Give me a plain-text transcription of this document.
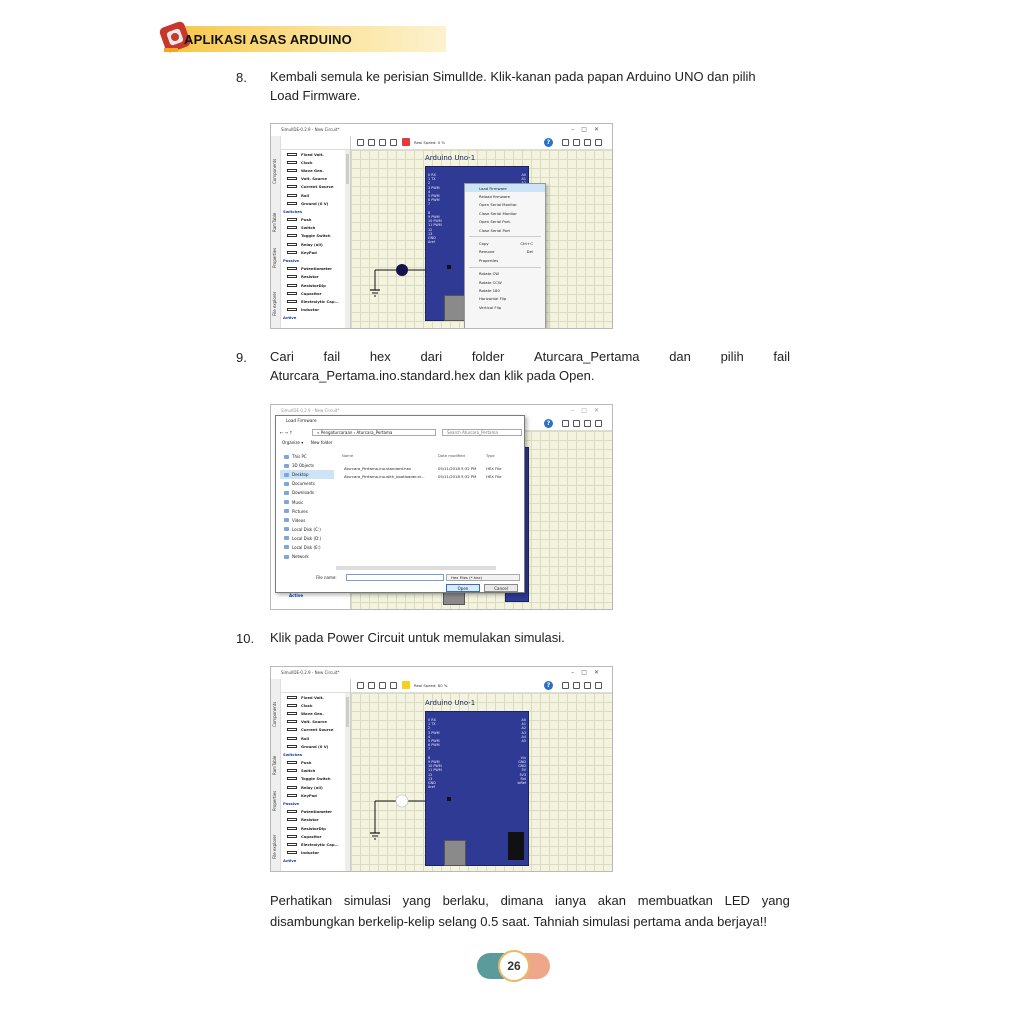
APLIKASI ASAS ARDUINO
8. Kembali semula ke perisian SimulIde. Klik-kanan pada papan Arduino UNO dan pilih
Load Firmware.
SimulIDE-0.2.9 - New Circuit*	–□✕
Components
RamTable
Properties
File explorer
Fixed Volt.
Clock
Wave Gen.
Volt. Source
Current Source
Rail
Ground (0 V)
Switches
Push
Switch
Toggle Switch
Relay (all)
KeyPad
Passive
Potentiometer
Resistor
ResistorDip
Capacitor
Electrolytic Cap...
Inductor
Active
Real Speed: 0 %	?
Arduino Uno-1
0 RX
1 TX
2
3 PWM
4
5 PWM
6 PWM
7

8
9 PWM
10 PWM
11 PWM
12
13
GND
Aref
A0
A1

Load Firmware
Reload firmware
Open Serial Monitor.
Close Serial Monitor
Open Serial Port.
Close Serial Port
Copy	Ctrl+C
Remove	Del
Properties
Rotate CW
Rotate CCW
Rotate 180
Horizontal Flip
Vertical Flip
9. Cari fail hex dari folder Aturcara_Pertama dan pilih fail
Aturcara_Pertama.ino.standard.hex dan klik pada Open.
SimulIDE-0.2.9 - New Circuit*	–□✕
?
Active
Load Firmware
← → ↑	« Pengaturcaraan › Aturcara_Pertama	Search Aturcara_Pertama
Organize ▾ New folder
This PC
3D Objects
Desktop
Documents
Downloads
Music
Pictures
Videos
Local Disk (C:)
Local Disk (D:)
Local Disk (E:)
Network
Name	Date modified	Type
Aturcara_Pertama.ino.standard.hex	05/11/2018 5:32 PM	HEX File
Aturcara_Pertama.ino.with_bootloader.st...	05/11/2018 5:32 PM	HEX File
File name:	Hex Files (*.hex)
Open	Cancel
10. Klik pada Power Circuit untuk memulakan simulasi.
SimulIDE-0.2.9 - New Circuit*	–□✕
Components
RamTable
Properties
File explorer
Fixed Volt.
Clock
Wave Gen.
Volt. Source
Current Source
Rail
Ground (0 V)
Switches
Push
Switch
Toggle Switch
Relay (all)
KeyPad
Passive
Potentiometer
Resistor
ResistorDip
Capacitor
Electrolytic Cap...
Inductor
Active
Real Speed: 80 %	?
Arduino Uno-1
0 RX
1 TX
2
3 PWM
4
5 PWM
6 PWM
7

8
9 PWM
10 PWM
11 PWM
12
13
GND
Aref
A0
A1
A2
A3
A4
A5

Vin
GND
GND
5V
3V3
Rst
IoRef
Perhatikan simulasi yang berlaku, dimana ianya akan membuatkan LED yang
disambungkan berkelip-kelip selang 0.5 saat. Tahniah simulasi pertama anda berjaya!!
26
